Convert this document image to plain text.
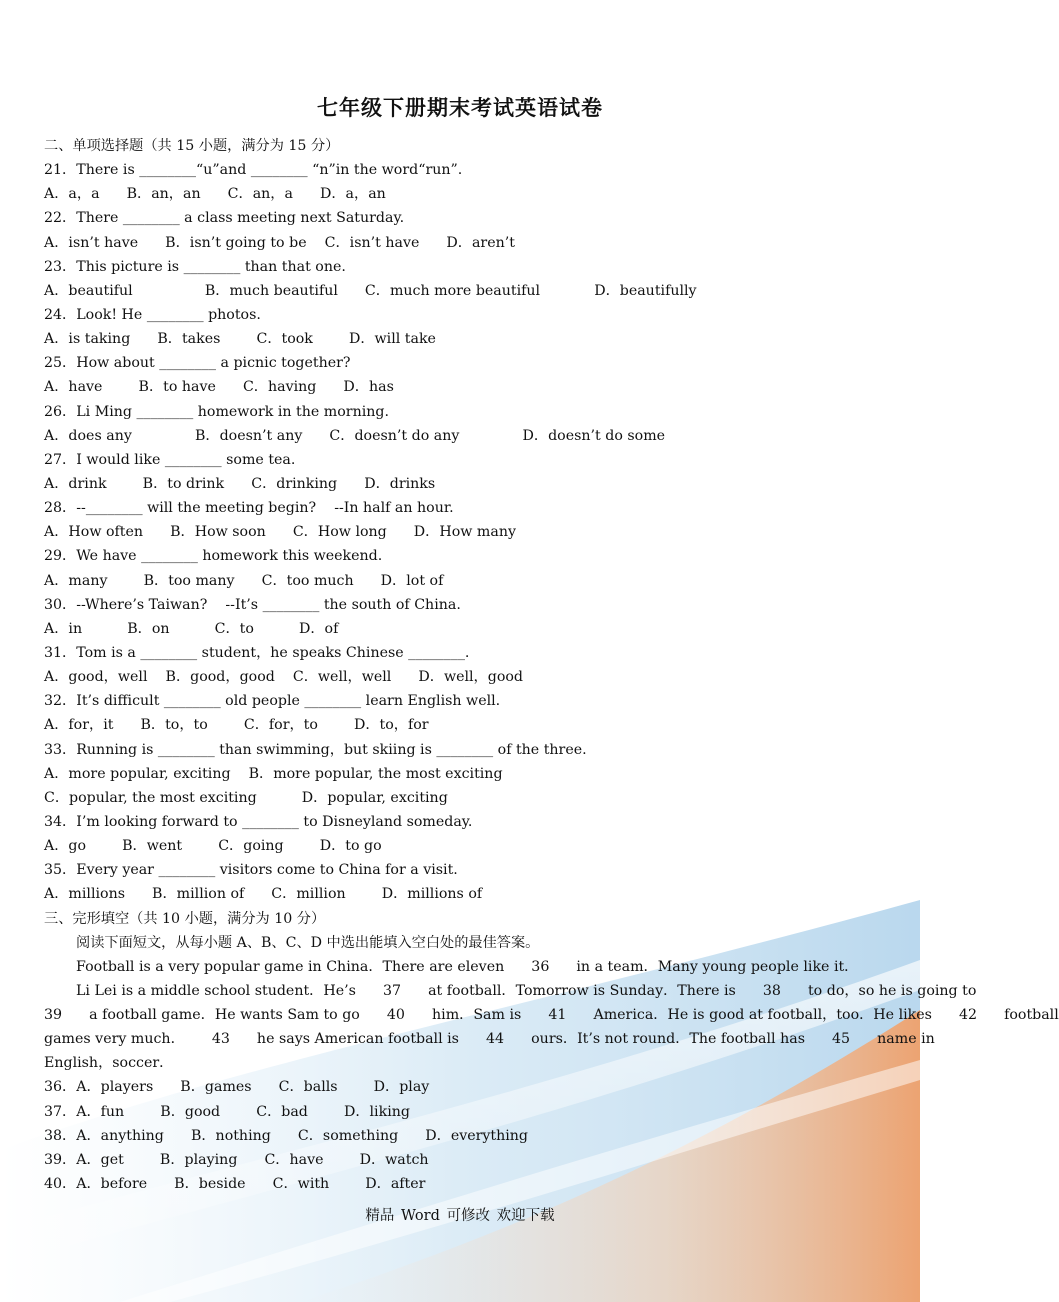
七年级下册期末考试英语试卷
二、单项选择题（共 15 小题，满分为 15 分）
21．There is ________“u”and ________ “n”in the word“run”.
A．a，a      B．an，an      C．an，a      D．a，an
22．There ________ a class meeting next Saturday.
A．isn’t have      B．isn’t going to be    C．isn’t have      D．aren’t
23．This picture is ________ than that one.
A．beautiful                B．much beautiful      C．much more beautiful            D．beautifully
24．Look! He ________ photos.
A．is taking      B．takes        C．took        D．will take
25．How about ________ a picnic together?
A．have        B．to have      C．having      D．has
26．Li Ming ________ homework in the morning.
A．does any              B．doesn’t any      C．doesn’t do any              D．doesn’t do some
27．I would like ________ some tea.
A．drink        B．to drink      C．drinking      D．drinks
28．--________ will the meeting begin?    --In half an hour.
A．How often      B．How soon      C．How long      D．How many
29．We have ________ homework this weekend.
A．many        B．too many      C．too much      D．lot of
30．--Where’s Taiwan?    --It’s ________ the south of China.
A．in          B．on          C．to          D．of
31．Tom is a ________ student，he speaks Chinese ________.
A．good，well    B．good，good    C．well，well      D．well，good
32．It’s difficult ________ old people ________ learn English well.
A．for，it      B．to，to        C．for，to        D．to，for
33．Running is ________ than swimming，but skiing is ________ of the three.
A．more popular, exciting    B．more popular, the most exciting
C．popular, the most exciting          D．popular, exciting
34．I’m looking forward to ________ to Disneyland someday.
A．go        B．went        C．going        D．to go
35．Every year ________ visitors come to China for a visit.
A．millions      B．million of      C．million        D．millions of
三、完形填空（共 10 小题，满分为 10 分）
阅读下面短文，从每小题 A、B、C、D 中选出能填入空白处的最佳答案。
Football is a very popular game in China．There are eleven      36      in a team．Many young people like it．
Li Lei is a middle school student．He’s      37      at football．Tomorrow is Sunday．There is      38      to do，so he is going to
39      a football game．He wants Sam to go      40      him．Sam is      41      America．He is good at football，too．He likes      42      football
games very much．      43      he says American football is      44      ours．It’s not round．The football has      45      name in
English，soccer．
36．A．players      B．games      C．balls        D．play
37．A．fun        B．good        C．bad        D．liking
38．A．anything      B．nothing      C．something      D．everything
39．A．get        B．playing      C．have        D．watch
40．A．before      B．beside      C．with        D．after
精品 Word 可修改 欢迎下载
